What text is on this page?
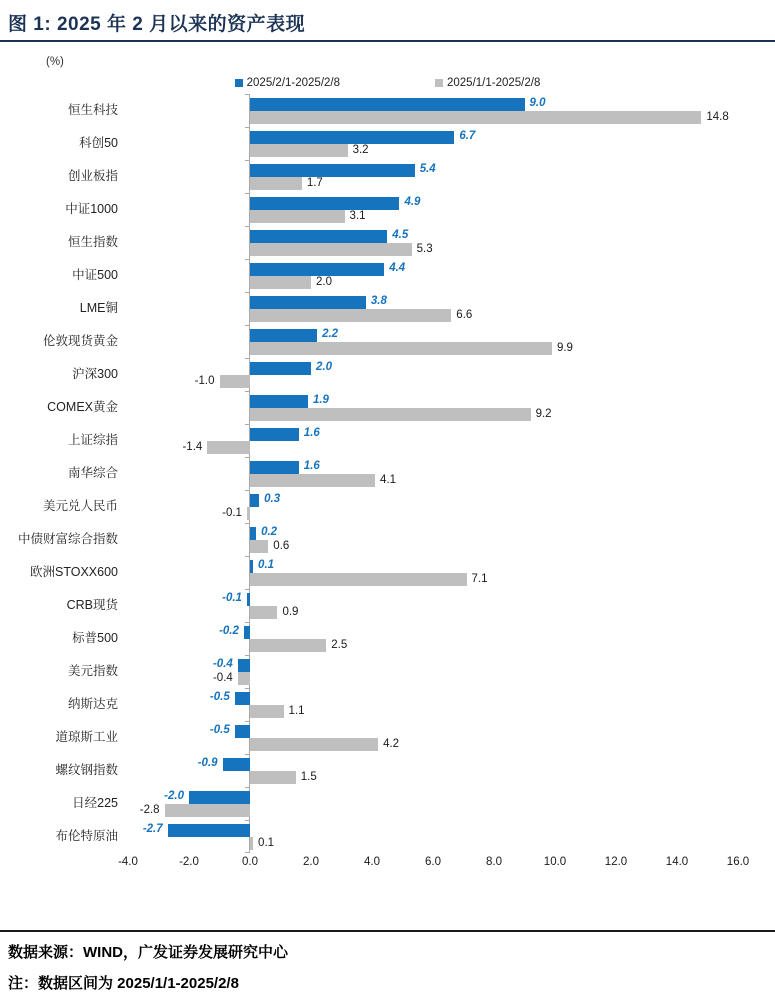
图 1: 2025 年 2 月以来的资产表现
(%)
2025/2/1-2025/2/8	2025/1/1-2025/2/8
恒生科技	9.0
14.8
科创50	6.7
3.2
创业板指	5.4
1.7
中证1000	4.9
3.1
恒生指数	4.5
5.3
中证500	4.4
2.0
LME铜	3.8
6.6
伦敦现货黄金	2.2
9.9
沪深300	2.0
-1.0
COMEX黄金	1.9
9.2
上证综指	1.6
-1.4
南华综合	1.6
4.1
美元兑人民币	0.3
-0.1
中债财富综合指数	0.2
0.6
欧洲STOXX600	0.1
7.1
CRB现货	-0.1
0.9
标普500	-0.2
2.5
美元指数	-0.4
-0.4
纳斯达克	-0.5
1.1
道琼斯工业	-0.5
4.2
螺纹钢指数	-0.9
1.5
日经225	-2.0
-2.8
布伦特原油	-2.7
0.1
-4.0	-2.0	0.0	2.0	4.0	6.0	8.0	10.0	12.0	14.0	16.0
数据来源：WIND，广发证券发展研究中心
注：数据区间为 2025/1/1-2025/2/8
